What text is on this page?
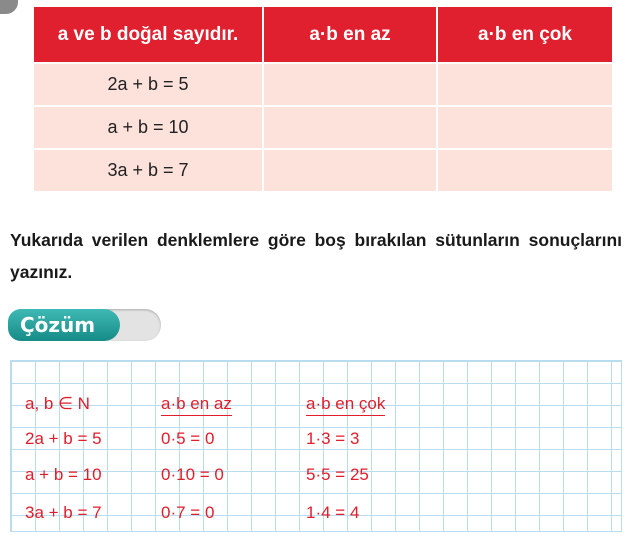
a ve b doğal sayıdır.	a·b en az	a·b en çok
2a + b = 5		
a + b = 10		
3a + b = 7		
Yukarıda verilen denklemlere göre boş bırakılan sütunların sonuçlarını yazınız.
Çözüm
a, b ∈ N	a·b en az	a·b en çok
2a + b = 5	0·5 = 0	1·3 = 3
a + b = 10	0·10 = 0	5·5 = 25
3a + b = 7	0·7 = 0	1·4 = 4
